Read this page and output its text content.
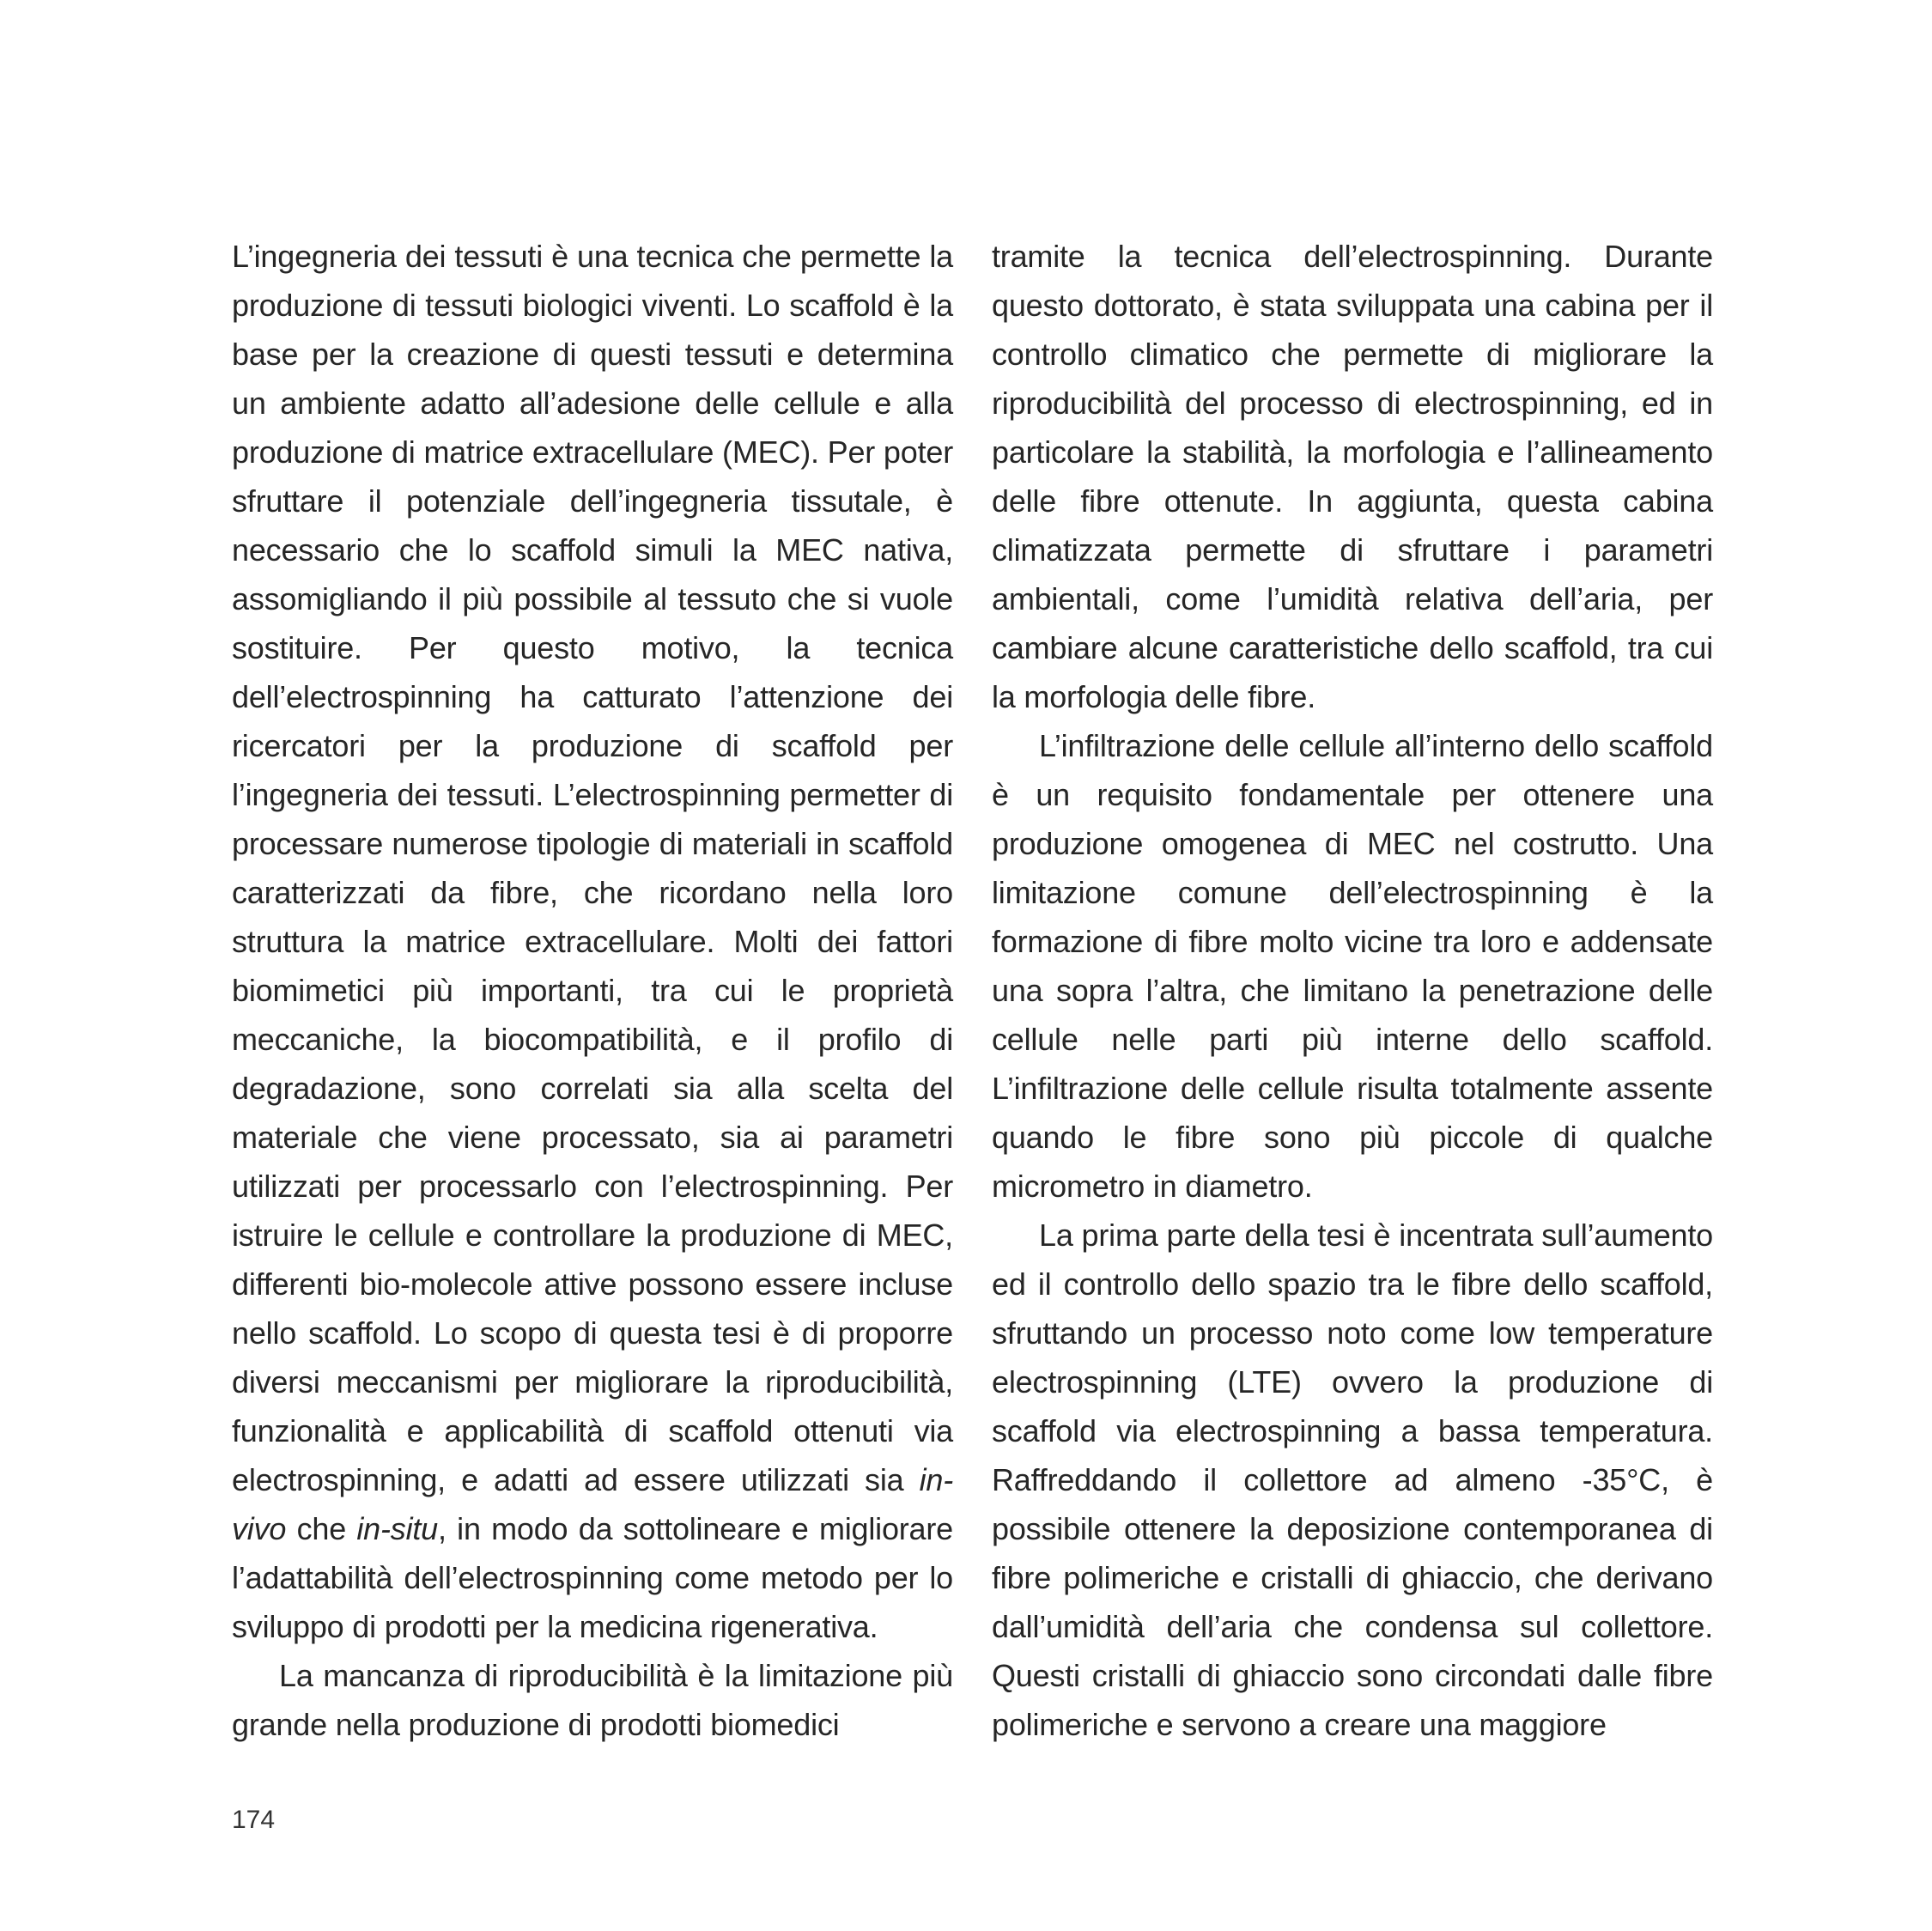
L’ingegneria dei tessuti è una tecnica che permette la produzione di tessuti biologici viventi. Lo scaffold è la base per la creazione di questi tessuti e determina un ambiente adatto all’adesione delle cellule e alla produzione di matrice extracellulare (MEC). Per poter sfruttare il potenziale dell’ingegneria tissutale, è necessario che lo scaffold simuli la MEC nativa, assomigliando il più possibile al tessuto che si vuole sostituire. Per questo motivo, la tecnica dell’electrospinning ha catturato l’attenzione dei ricercatori per la produzione di scaffold per l’ingegneria dei tessuti. L’electrospinning permetter di processare numerose tipologie di materiali in scaffold caratterizzati da fibre, che ricordano nella loro struttura la matrice extracellulare. Molti dei fattori biomimetici più importanti, tra cui le proprietà meccaniche, la biocompatibilità, e il profilo di degradazione, sono correlati sia alla scelta del materiale che viene processato, sia ai parametri utilizzati per processarlo con l’electrospinning. Per istruire le cellule e controllare la produzione di MEC, differenti bio-molecole attive possono essere incluse nello scaffold. Lo scopo di questa tesi è di proporre diversi meccanismi per migliorare la riproducibilità, funzionalità e applicabilità di scaffold ottenuti via electrospinning, e adatti ad essere utilizzati sia in-vivo che in-situ, in modo da sottolineare e migliorare l’adattabilità dell’electrospinning come metodo per lo sviluppo di prodotti per la medicina rigenerativa.

La mancanza di riproducibilità è la limitazione più grande nella produzione di prodotti biomedici

tramite la tecnica dell’electrospinning. Durante questo dottorato, è stata sviluppata una cabina per il controllo climatico che permette di migliorare la riproducibilità del processo di electrospinning, ed in particolare la stabilità, la morfologia e l’allineamento delle fibre ottenute. In aggiunta, questa cabina climatizzata permette di sfruttare i parametri ambientali, come l’umidità relativa dell’aria, per cambiare alcune caratteristiche dello scaffold, tra cui la morfologia delle fibre.

L’infiltrazione delle cellule all’interno dello scaffold è un requisito fondamentale per ottenere una produzione omogenea di MEC nel costrutto. Una limitazione comune dell’electrospinning è la formazione di fibre molto vicine tra loro e addensate una sopra l’altra, che limitano la penetrazione delle cellule nelle parti più interne dello scaffold. L’infiltrazione delle cellule risulta totalmente assente quando le fibre sono più piccole di qualche micrometro in diametro.

La prima parte della tesi è incentrata sull’aumento ed il controllo dello spazio tra le fibre dello scaffold, sfruttando un processo noto come low temperature electrospinning (LTE) ovvero la produzione di scaffold via electrospinning a bassa temperatura. Raffreddando il collettore ad almeno -35°C, è possibile ottenere la deposizione contemporanea di fibre polimeriche e cristalli di ghiaccio, che derivano dall’umidità dell’aria che condensa sul collettore. Questi cristalli di ghiaccio sono circondati dalle fibre polimeriche e servono a creare una maggiore

174
